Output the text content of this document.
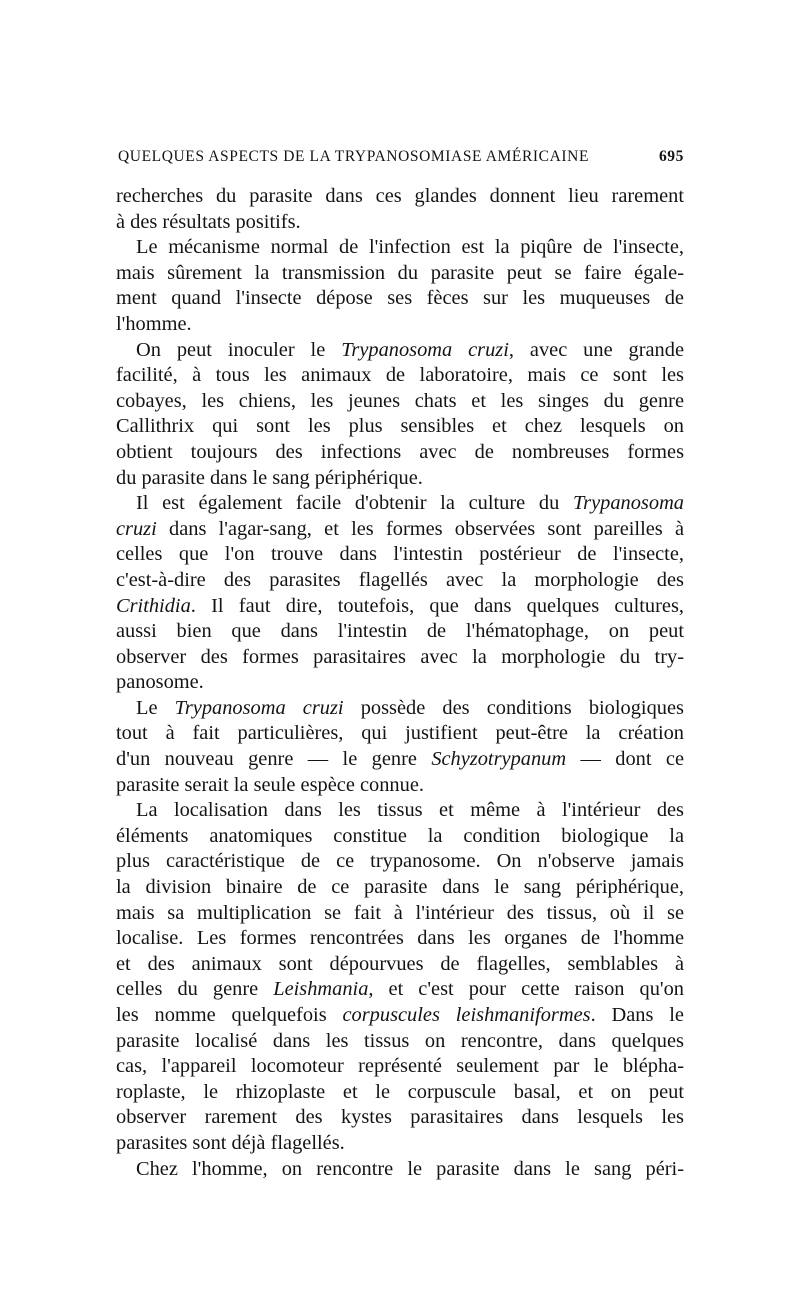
QUELQUES ASPECTS DE LA TRYPANOSOMIASE AMÉRICAINE	695
recherches du parasite dans ces glandes donnent lieu rarement
à des résultats positifs.
Le mécanisme normal de l'infection est la piqûre de l'insecte,
mais sûrement la transmission du parasite peut se faire égale-
ment quand l'insecte dépose ses fèces sur les muqueuses de
l'homme.
On peut inoculer le Trypanosoma cruzi, avec une grande
facilité, à tous les animaux de laboratoire, mais ce sont les
cobayes, les chiens, les jeunes chats et les singes du genre
Callithrix qui sont les plus sensibles et chez lesquels on
obtient toujours des infections avec de nombreuses formes
du parasite dans le sang périphérique.
Il est également facile d'obtenir la culture du Trypanosoma
cruzi dans l'agar-sang, et les formes observées sont pareilles à
celles que l'on trouve dans l'intestin postérieur de l'insecte,
c'est-à-dire des parasites flagellés avec la morphologie des
Crithidia. Il faut dire, toutefois, que dans quelques cultures,
aussi bien que dans l'intestin de l'hématophage, on peut
observer des formes parasitaires avec la morphologie du try-
panosome.
Le Trypanosoma cruzi possède des conditions biologiques
tout à fait particulières, qui justifient peut-être la création
d'un nouveau genre — le genre Schyzotrypanum — dont ce
parasite serait la seule espèce connue.
La localisation dans les tissus et même à l'intérieur des
éléments anatomiques constitue la condition biologique la
plus caractéristique de ce trypanosome. On n'observe jamais
la division binaire de ce parasite dans le sang périphérique,
mais sa multiplication se fait à l'intérieur des tissus, où il se
localise. Les formes rencontrées dans les organes de l'homme
et des animaux sont dépourvues de flagelles, semblables à
celles du genre Leishmania, et c'est pour cette raison qu'on
les nomme quelquefois corpuscules leishmaniformes. Dans le
parasite localisé dans les tissus on rencontre, dans quelques
cas, l'appareil locomoteur représenté seulement par le blépha-
roplaste, le rhizoplaste et le corpuscule basal, et on peut
observer rarement des kystes parasitaires dans lesquels les
parasites sont déjà flagellés.
Chez l'homme, on rencontre le parasite dans le sang péri-
